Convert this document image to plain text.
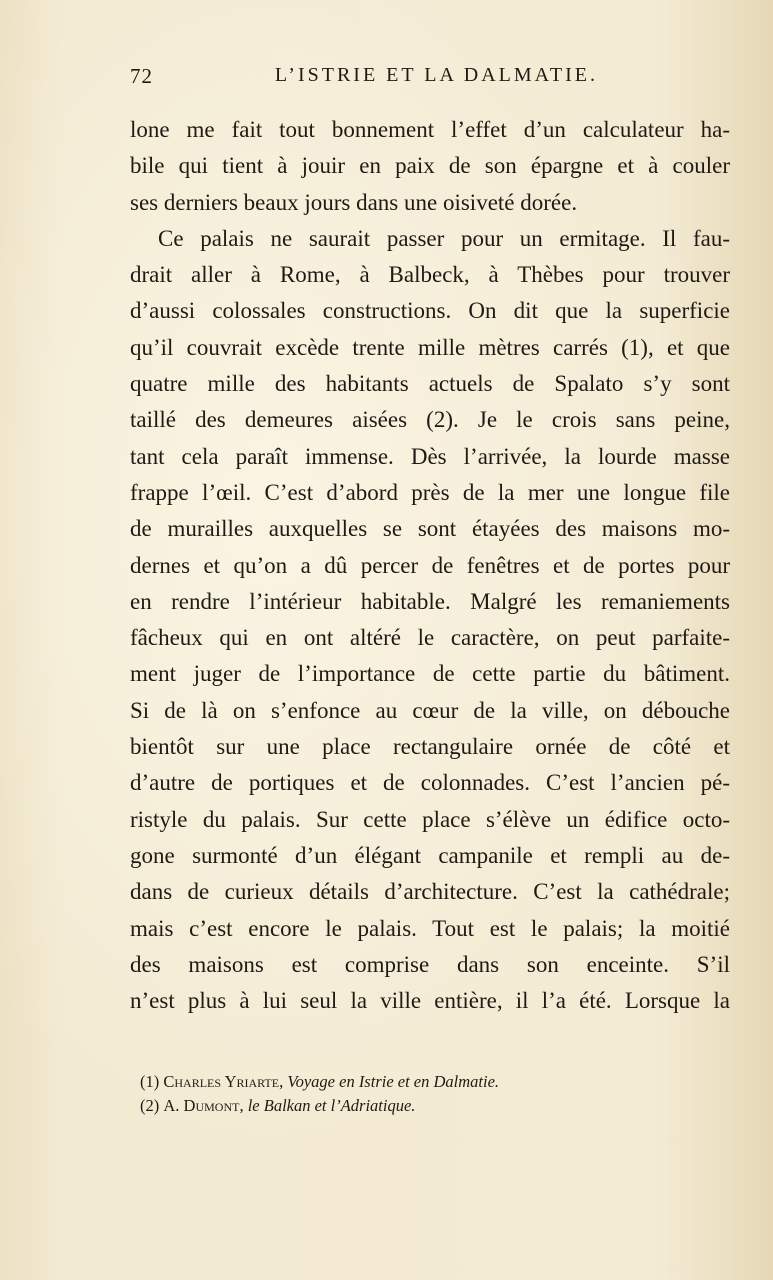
72	L’ISTRIE ET LA DALMATIE.
lone me fait tout bonnement l’effet d’un calculateur ha-
bile qui tient à jouir en paix de son épargne et à couler
ses derniers beaux jours dans une oisiveté dorée.
Ce palais ne saurait passer pour un ermitage. Il fau-
drait aller à Rome, à Balbeck, à Thèbes pour trouver
d’aussi colossales constructions. On dit que la superficie
qu’il couvrait excède trente mille mètres carrés (1), et que
quatre mille des habitants actuels de Spalato s’y sont
taillé des demeures aisées (2). Je le crois sans peine,
tant cela paraît immense. Dès l’arrivée, la lourde masse
frappe l’œil. C’est d’abord près de la mer une longue file
de murailles auxquelles se sont étayées des maisons mo-
dernes et qu’on a dû percer de fenêtres et de portes pour
en rendre l’intérieur habitable. Malgré les remaniements
fâcheux qui en ont altéré le caractère, on peut parfaite-
ment juger de l’importance de cette partie du bâtiment.
Si de là on s’enfonce au cœur de la ville, on débouche
bientôt sur une place rectangulaire ornée de côté et
d’autre de portiques et de colonnades. C’est l’ancien pé-
ristyle du palais. Sur cette place s’élève un édifice octo-
gone surmonté d’un élégant campanile et rempli au de-
dans de curieux détails d’architecture. C’est la cathédrale;
mais c’est encore le palais. Tout est le palais; la moitié
des maisons est comprise dans son enceinte. S’il
n’est plus à lui seul la ville entière, il l’a été. Lorsque la
(1) Charles Yriarte, Voyage en Istrie et en Dalmatie.
(2) A. Dumont, le Balkan et l’Adriatique.
